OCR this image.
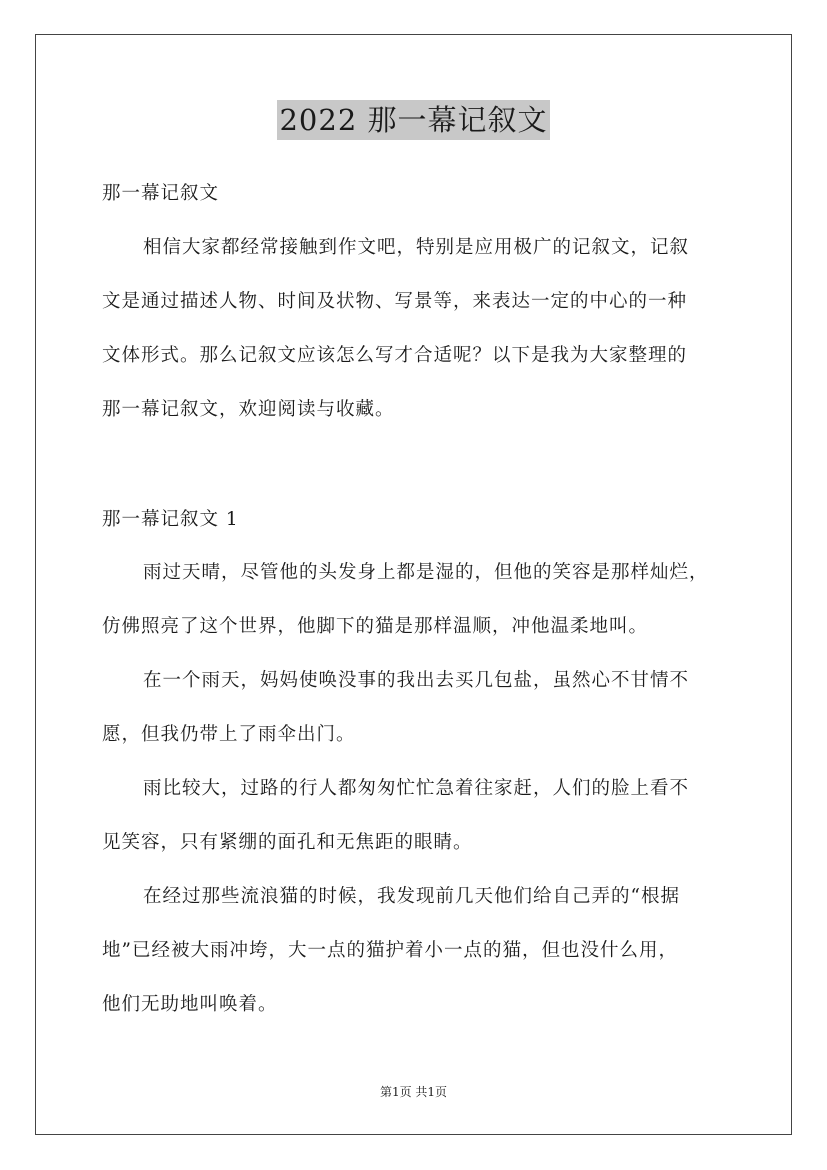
2022 那一幕记叙文
那一幕记叙文
相信大家都经常接触到作文吧，特别是应用极广的记叙文，记叙
文是通过描述人物、时间及状物、写景等，来表达一定的中心的一种
文体形式。那么记叙文应该怎么写才合适呢？以下是我为大家整理的
那一幕记叙文，欢迎阅读与收藏。
那一幕记叙文 1
雨过天晴，尽管他的头发身上都是湿的，但他的笑容是那样灿烂，
仿佛照亮了这个世界，他脚下的猫是那样温顺，冲他温柔地叫。
在一个雨天，妈妈使唤没事的我出去买几包盐，虽然心不甘情不
愿，但我仍带上了雨伞出门。
雨比较大，过路的行人都匆匆忙忙急着往家赶，人们的脸上看不
见笑容，只有紧绷的面孔和无焦距的眼睛。
在经过那些流浪猫的时候，我发现前几天他们给自己弄的“根据
地”已经被大雨冲垮，大一点的猫护着小一点的猫，但也没什么用，
他们无助地叫唤着。
第1页 共1页
